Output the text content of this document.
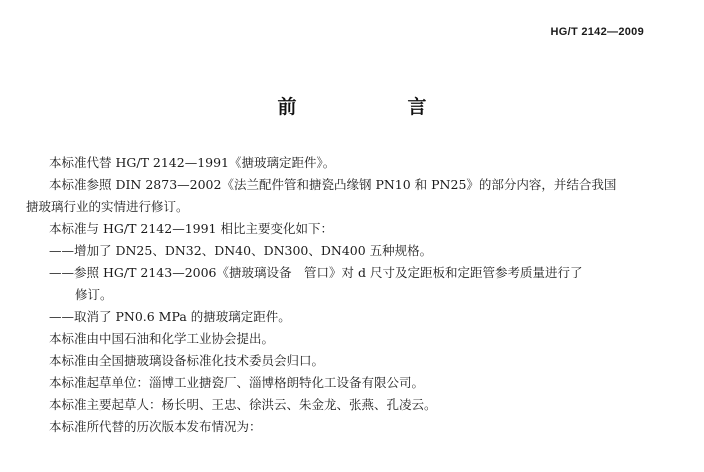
HG/T 2142—2009
前　言

本标准代替 HG/T 2142—1991《搪玻璃定距件》。

本标准参照 DIN 2873—2002《法兰配件管和搪瓷凸缘钢 PN10 和 PN25》的部分内容，并结合我国

搪玻璃行业的实情进行修订。

本标准与 HG/T 2142—1991 相比主要变化如下：

——增加了 DN25、DN32、DN40、DN300、DN400 五种规格。

——参照 HG/T 2143—2006《搪玻璃设备　管口》对 d 尺寸及定距板和定距管参考质量进行了

修订。

——取消了 PN0.6 MPa 的搪玻璃定距件。

本标准由中国石油和化学工业协会提出。

本标准由全国搪玻璃设备标准化技术委员会归口。

本标准起草单位：淄博工业搪瓷厂、淄博格朗特化工设备有限公司。

本标准主要起草人：杨长明、王忠、徐洪云、朱金龙、张燕、孔凌云。

本标准所代替的历次版本发布情况为：
